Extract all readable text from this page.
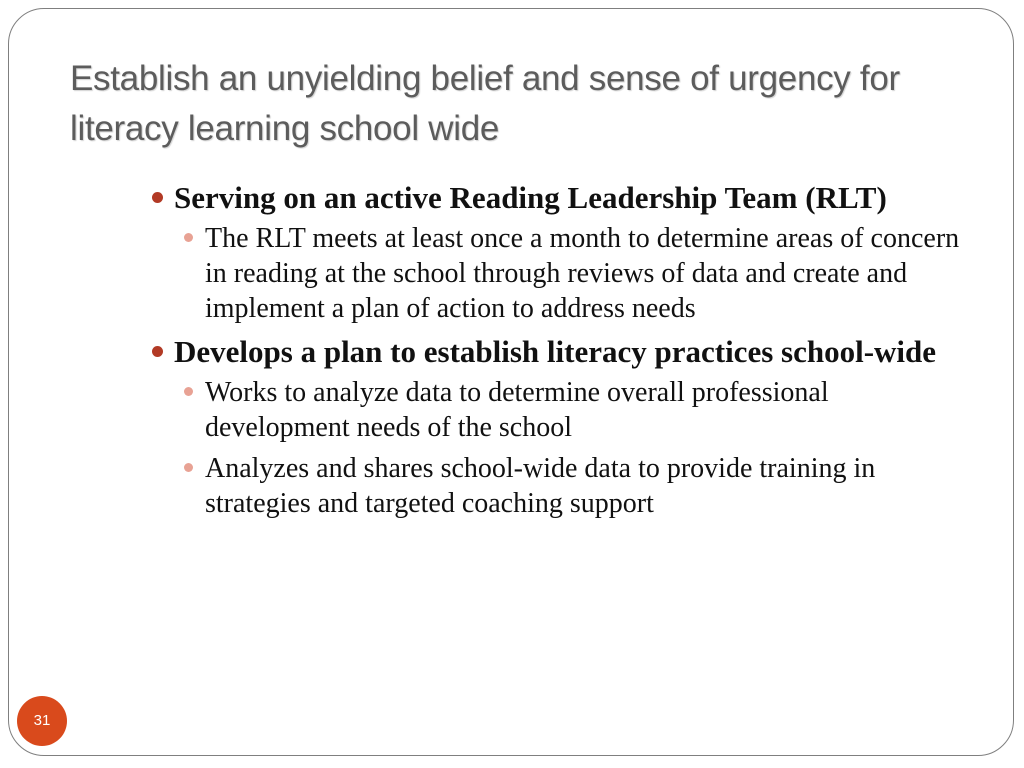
Establish an unyielding belief and sense of urgency for literacy learning school wide
Serving on an active Reading Leadership Team (RLT)
The RLT meets at least once a month to determine areas of concern in reading at the school through reviews of data and create and implement a plan of action to address needs
Develops a plan to establish literacy practices school-wide
Works to analyze data to determine overall professional development needs of the school
Analyzes and shares school-wide data to provide training in strategies and targeted coaching support
31
